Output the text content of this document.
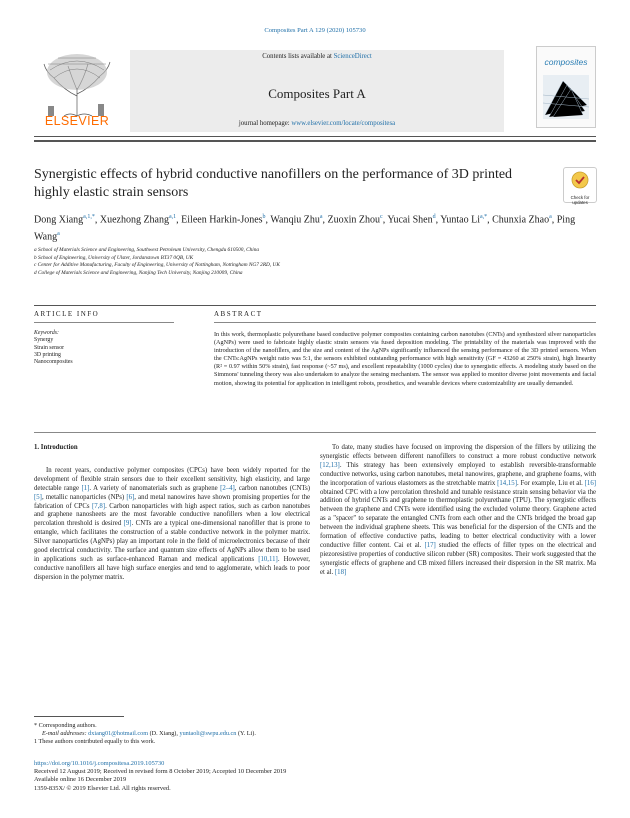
Composites Part A 129 (2020) 105730
ELSEVIER
Contents lists available at ScienceDirect
Composites Part A
journal homepage: www.elsevier.com/locate/compositesa
composites
Synergistic effects of hybrid conductive nanofillers on the performance of 3D printed highly elastic strain sensors	Check for
updates
Dong Xiang$^{a,1,*}$, Xuezhong Zhang$^{a,1}$, Eileen Harkin-Jones$^b$, Wanqiu Zhu$^a$, Zuoxin Zhou$^c$, Yucai Shen$^d$, Yuntao $Li^{a,*}$, Chunxia Zhao$^a$, Ping Wang$^a$
a School of Materials Science and Engineering, Southwest Petroleum University, Chengdu 610500, China
b School of Engineering, University of Ulster, Jordanstown BT37 0QB, UK
c Center for Additive Manufacturing, Faculty of Engineering, University of Nottingham, Nottingham NG7 2RD, UK
d College of Materials Science and Engineering, Nanjing Tech University, Nanjing 210009, China
ARTICLE INFO	ABSTRACT
Keywords:
Synergy
Strain sensor
3D printing
Nanocomposites
In this work, thermoplastic polyurethane based conductive polymer composites containing carbon nanotubes (CNTs) and synthesized silver nanoparticles (AgNPs) were used to fabricate highly elastic strain sensors via fused deposition modeling. The printability of the materials was improved with the introduction of the nanofillers, and the size and content of the AgNPs significantly influenced the sensing performance of the 3D printed sensors. When the CNTs:AgNPs weight ratio was 5:1, the sensors exhibited outstanding performance with high sensitivity (GF = 43260 at 250% strain), high linearity (R² = 0.97 within 50% strain), fast response (~57 ms), and excellent repeatability (1000 cycles) due to synergistic effects. A modeling study based on the Simmons' tunneling theory was also undertaken to analyze the sensing mechanism. The sensor was applied to monitor diverse joint movements and facial motion, showing its potential for application in intelligent robots, prosthetics, and wearable devices where customizability are usually demanded.

1. Introduction

In recent years, conductive polymer composites (CPCs) have been widely reported for the development of flexible strain sensors due to their excellent sensitivity, high elasticity, and large detectable range [1]. A variety of nanomaterials such as graphene [2–4], carbon nanotubes (CNTs) [5], metallic nanoparticles (NPs) [6], and metal nanowires have shown promising properties for the fabrication of CPCs [7,8]. Carbon nanoparticles with high aspect ratios, such as carbon nanotubes and graphene nanosheets are the most favorable conductive nanofillers when a low electrical percolation threshold is desired [9]. CNTs are a typical one-dimensional nanofiller that is prone to entangle, which facilitates the construction of a stable conductive network in the polymer matrix. Silver nanoparticles (AgNPs) play an important role in the field of microelectronics because of their good electrical conductivity. The surface and quantum size effects of AgNPs allow them to be used in applications such as surface-enhanced Raman and medical applications [10,11]. However, conductive nanofillers all have high surface energies and tend to agglomerate, which leads to poor dispersion in the polymer matrix.

To date, many studies have focused on improving the dispersion of the fillers by utilizing the synergistic effects between different nanofillers to construct a more robust conductive network [12,13]. This strategy has been extensively employed to establish reversible-transformable conductive networks, using carbon nanotubes, metal nanowires, graphene, and graphene foams, with the incorporation of various elastomers as the stretchable matrix [14,15]. For example, Liu et al. [16] obtained CPC with a low percolation threshold and tunable resistance strain sensing behavior via the addition of hybrid CNTs and graphene to thermoplastic polyurethane (TPU). The synergistic effects between the graphene and CNTs were identified using the excluded volume theory. Graphene acted as a "spacer" to separate the entangled CNTs from each other and the CNTs bridged the broad gap between the individual graphene sheets. This was beneficial for the dispersion of the CNTs and the formation of effective conductive paths, leading to better electrical conductivity with a lower conductive filler content. Cai et al. [17] studied the effects of filler types on the electrical and piezoresistive properties of conductive silicon rubber (SR) composites. Their work suggested that the synergistic effects of graphene and CB mixed fillers increased their dispersion in the SR matrix. Ma et al. [18]

* Corresponding authors.
E-mail addresses: dxiang01@hotmail.com (D. Xiang), yuntaoli@swpu.edu.cn (Y. Li).
1 These authors contributed equally to this work.
https://doi.org/10.1016/j.compositesa.2019.105730
Received 12 August 2019; Received in revised form 8 October 2019; Accepted 10 December 2019
Available online 16 December 2019
1359-835X/ © 2019 Elsevier Ltd. All rights reserved.
